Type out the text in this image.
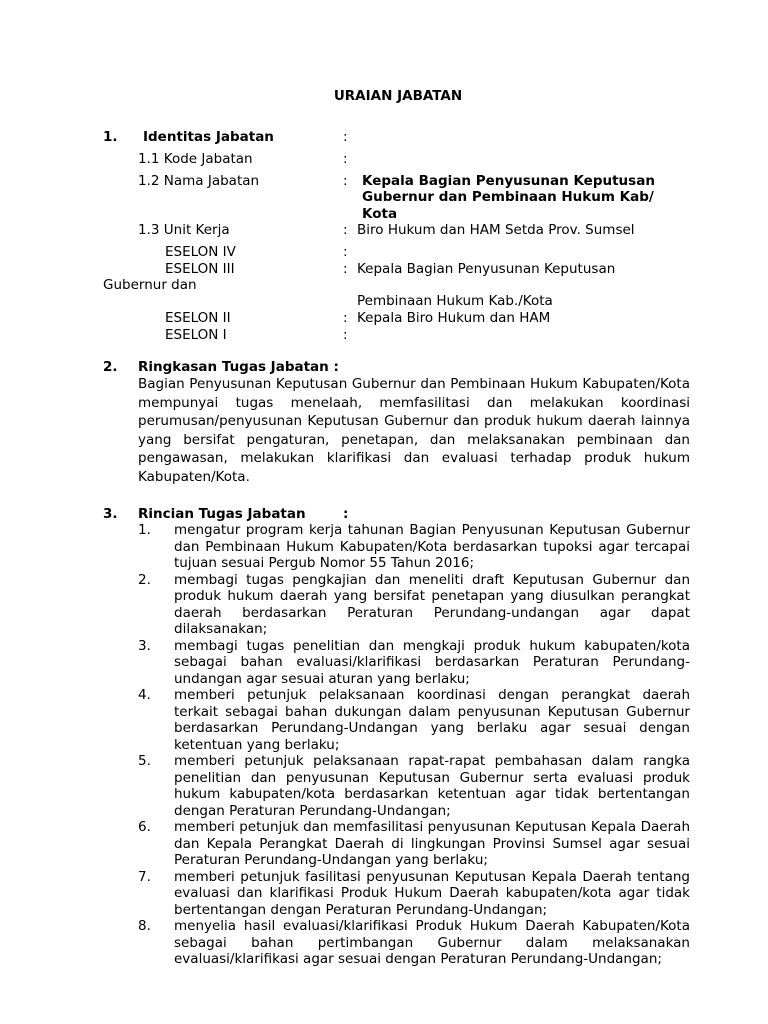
URAIAN JABATAN
1. Identitas Jabatan	:
1.1 Kode Jabatan	:
1.2 Nama Jabatan	: Kepala Bagian Penyusunan Keputusan
Gubernur dan Pembinaan Hukum Kab/
Kota
1.3 Unit Kerja	: Biro Hukum dan HAM Setda Prov. Sumsel
ESELON IV	:
ESELON III	: Kepala Bagian Penyusunan Keputusan
Gubernur dan
Pembinaan Hukum Kab./Kota
ESELON II	: Kepala Biro Hukum dan HAM
ESELON I	:
2. Ringkasan Tugas Jabatan :
Bagian Penyusunan Keputusan Gubernur dan Pembinaan Hukum Kabupaten/Kota mempunyai tugas menelaah, memfasilitasi dan melakukan koordinasi perumusan/penyusunan Keputusan Gubernur dan produk hukum daerah lainnya yang bersifat pengaturan, penetapan, dan melaksanakan pembinaan dan pengawasan, melakukan klarifikasi dan evaluasi terhadap produk hukum Kabupaten/Kota.
3. Rincian Tugas Jabatan	:
1.	mengatur program kerja tahunan Bagian Penyusunan Keputusan Gubernur dan Pembinaan Hukum Kabupaten/Kota berdasarkan tupoksi agar tercapai tujuan sesuai Pergub Nomor 55 Tahun 2016;
2.	membagi tugas pengkajian dan meneliti draft Keputusan Gubernur dan produk hukum daerah yang bersifat penetapan yang diusulkan perangkat daerah berdasarkan Peraturan Perundang-undangan agar dapat dilaksanakan;
3.	membagi tugas penelitian dan mengkaji produk hukum kabupaten/kota sebagai bahan evaluasi/klarifikasi berdasarkan Peraturan Perundang-undangan agar sesuai aturan yang berlaku;
4.	memberi petunjuk pelaksanaan koordinasi dengan perangkat daerah terkait sebagai bahan dukungan dalam penyusunan Keputusan Gubernur berdasarkan Perundang-Undangan yang berlaku agar sesuai dengan ketentuan yang berlaku;
5.	memberi petunjuk pelaksanaan rapat-rapat pembahasan dalam rangka penelitian dan penyusunan Keputusan Gubernur serta evaluasi produk hukum kabupaten/kota berdasarkan ketentuan agar tidak bertentangan dengan Peraturan Perundang-Undangan;
6.	memberi petunjuk dan memfasilitasi penyusunan Keputusan Kepala Daerah dan Kepala Perangkat Daerah di lingkungan Provinsi Sumsel agar sesuai Peraturan Perundang-Undangan yang berlaku;
7.	memberi petunjuk fasilitasi penyusunan Keputusan Kepala Daerah tentang evaluasi dan klarifikasi Produk Hukum Daerah kabupaten/kota agar tidak bertentangan dengan Peraturan Perundang-Undangan;
8.	menyelia hasil evaluasi/klarifikasi Produk Hukum Daerah Kabupaten/Kota sebagai bahan pertimbangan Gubernur dalam melaksanakan evaluasi/klarifikasi agar sesuai dengan Peraturan Perundang-Undangan;
